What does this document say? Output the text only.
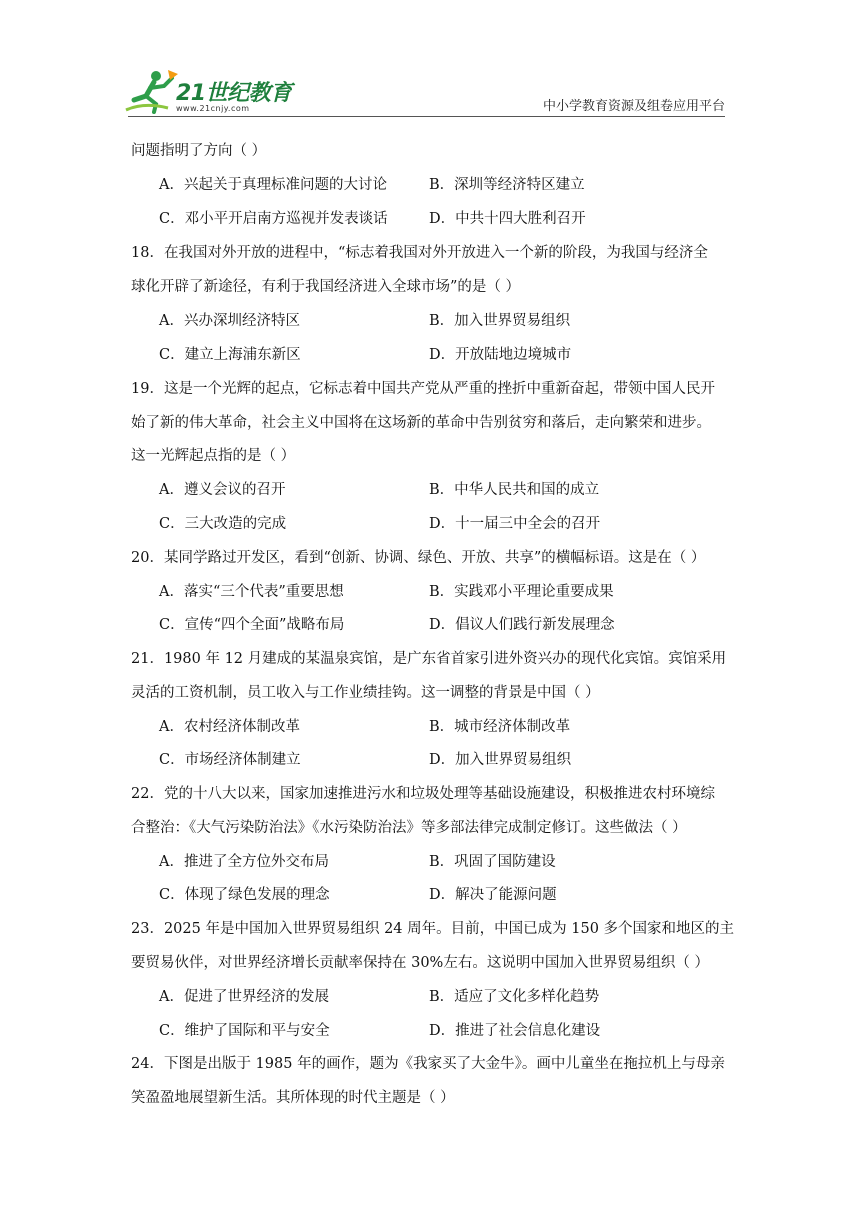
21世纪教育
www.21cnjy.com	中小学教育资源及组卷应用平台
问题指明了方向（ ）
A．兴起关于真理标准问题的大讨论	B．深圳等经济特区建立
C．邓小平开启南方巡视并发表谈话	D．中共十四大胜利召开
18．在我国对外开放的进程中，“标志着我国对外开放进入一个新的阶段，为我国与经济全
球化开辟了新途径，有利于我国经济进入全球市场”的是（ ）
A．兴办深圳经济特区	B．加入世界贸易组织
C．建立上海浦东新区	D．开放陆地边境城市
19．这是一个光辉的起点，它标志着中国共产党从严重的挫折中重新奋起，带领中国人民开
始了新的伟大革命，社会主义中国将在这场新的革命中告别贫穷和落后，走向繁荣和进步。
这一光辉起点指的是（ ）
A．遵义会议的召开	B．中华人民共和国的成立
C．三大改造的完成	D．十一届三中全会的召开
20．某同学路过开发区，看到“创新、协调、绿色、开放、共享”的横幅标语。这是在（ ）
A．落实“三个代表”重要思想	B．实践邓小平理论重要成果
C．宣传“四个全面”战略布局	D．倡议人们践行新发展理念
21．1980 年 12 月建成的某温泉宾馆，是广东省首家引进外资兴办的现代化宾馆。宾馆采用
灵活的工资机制，员工收入与工作业绩挂钩。这一调整的背景是中国（ ）
A．农村经济体制改革	B．城市经济体制改革
C．市场经济体制建立	D．加入世界贸易组织
22．党的十八大以来，国家加速推进污水和垃圾处理等基础设施建设，积极推进农村环境综
合整治：《大气污染防治法》《水污染防治法》等多部法律完成制定修订。这些做法（ ）
A．推进了全方位外交布局	B．巩固了国防建设
C．体现了绿色发展的理念	D．解决了能源问题
23．2025 年是中国加入世界贸易组织 24 周年。目前，中国已成为 150 多个国家和地区的主
要贸易伙伴，对世界经济增长贡献率保持在 30%左右。这说明中国加入世界贸易组织（ ）
A．促进了世界经济的发展	B．适应了文化多样化趋势
C．维护了国际和平与安全	D．推进了社会信息化建设
24．下图是出版于 1985 年的画作，题为《我家买了大金牛》。画中儿童坐在拖拉机上与母亲
笑盈盈地展望新生活。其所体现的时代主题是（ ）
